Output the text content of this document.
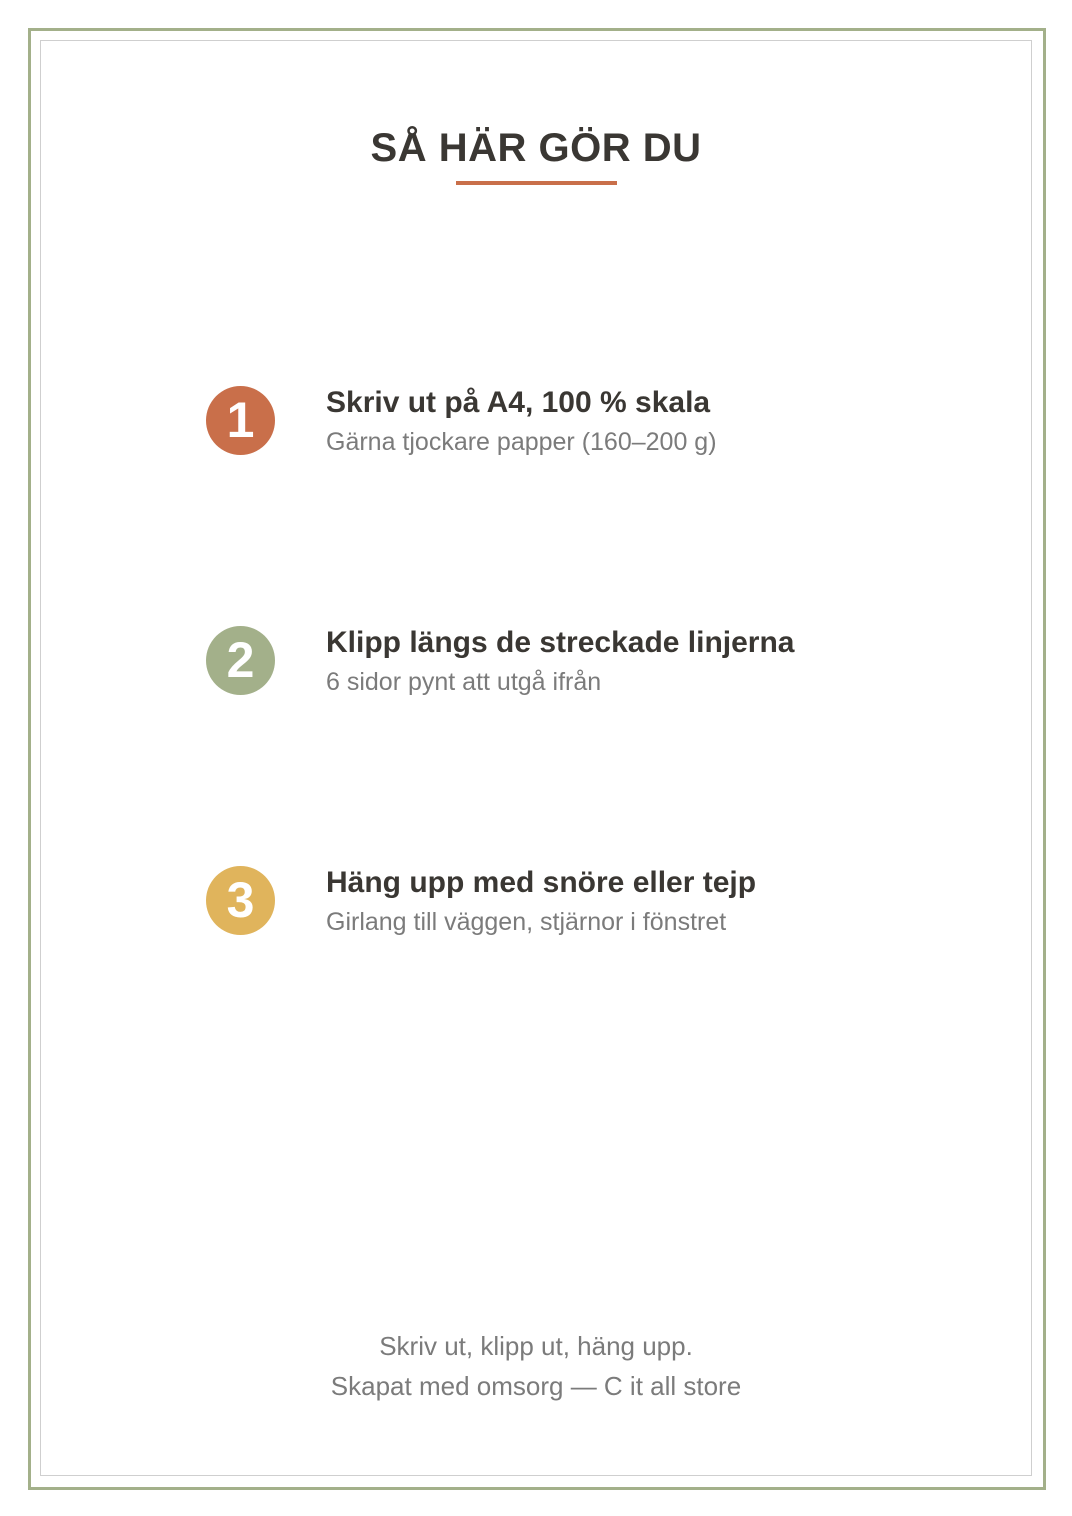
SÅ HÄR GÖR DU
1	Skriv ut på A4, 100 % skala
Gärna tjockare papper (160–200 g)
2	Klipp längs de streckade linjerna
6 sidor pynt att utgå ifrån
3	Häng upp med snöre eller tejp
Girlang till väggen, stjärnor i fönstret
Skriv ut, klipp ut, häng upp.
Skapat med omsorg — C it all store
